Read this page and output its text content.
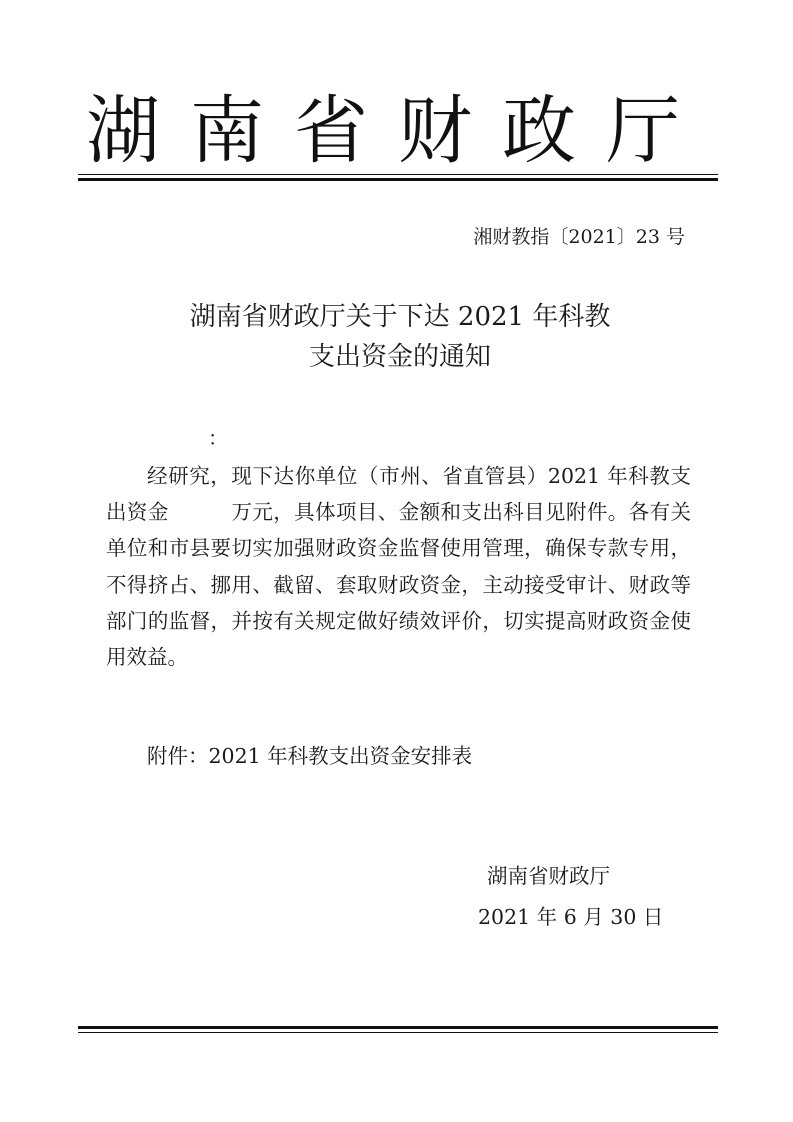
湖南省财政厅
湘财教指〔2021〕23 号
湖南省财政厅关于下达 2021 年科教
支出资金的通知
：
经研究，现下达你单位（市州、省直管县）2021 年科教支出资金　　　万元，具体项目、金额和支出科目见附件。各有关单位和市县要切实加强财政资金监督使用管理，确保专款专用，不得挤占、挪用、截留、套取财政资金，主动接受审计、财政等部门的监督，并按有关规定做好绩效评价，切实提高财政资金使用效益。
附件：2021 年科教支出资金安排表
湖南省财政厅
2021 年 6 月 30 日
